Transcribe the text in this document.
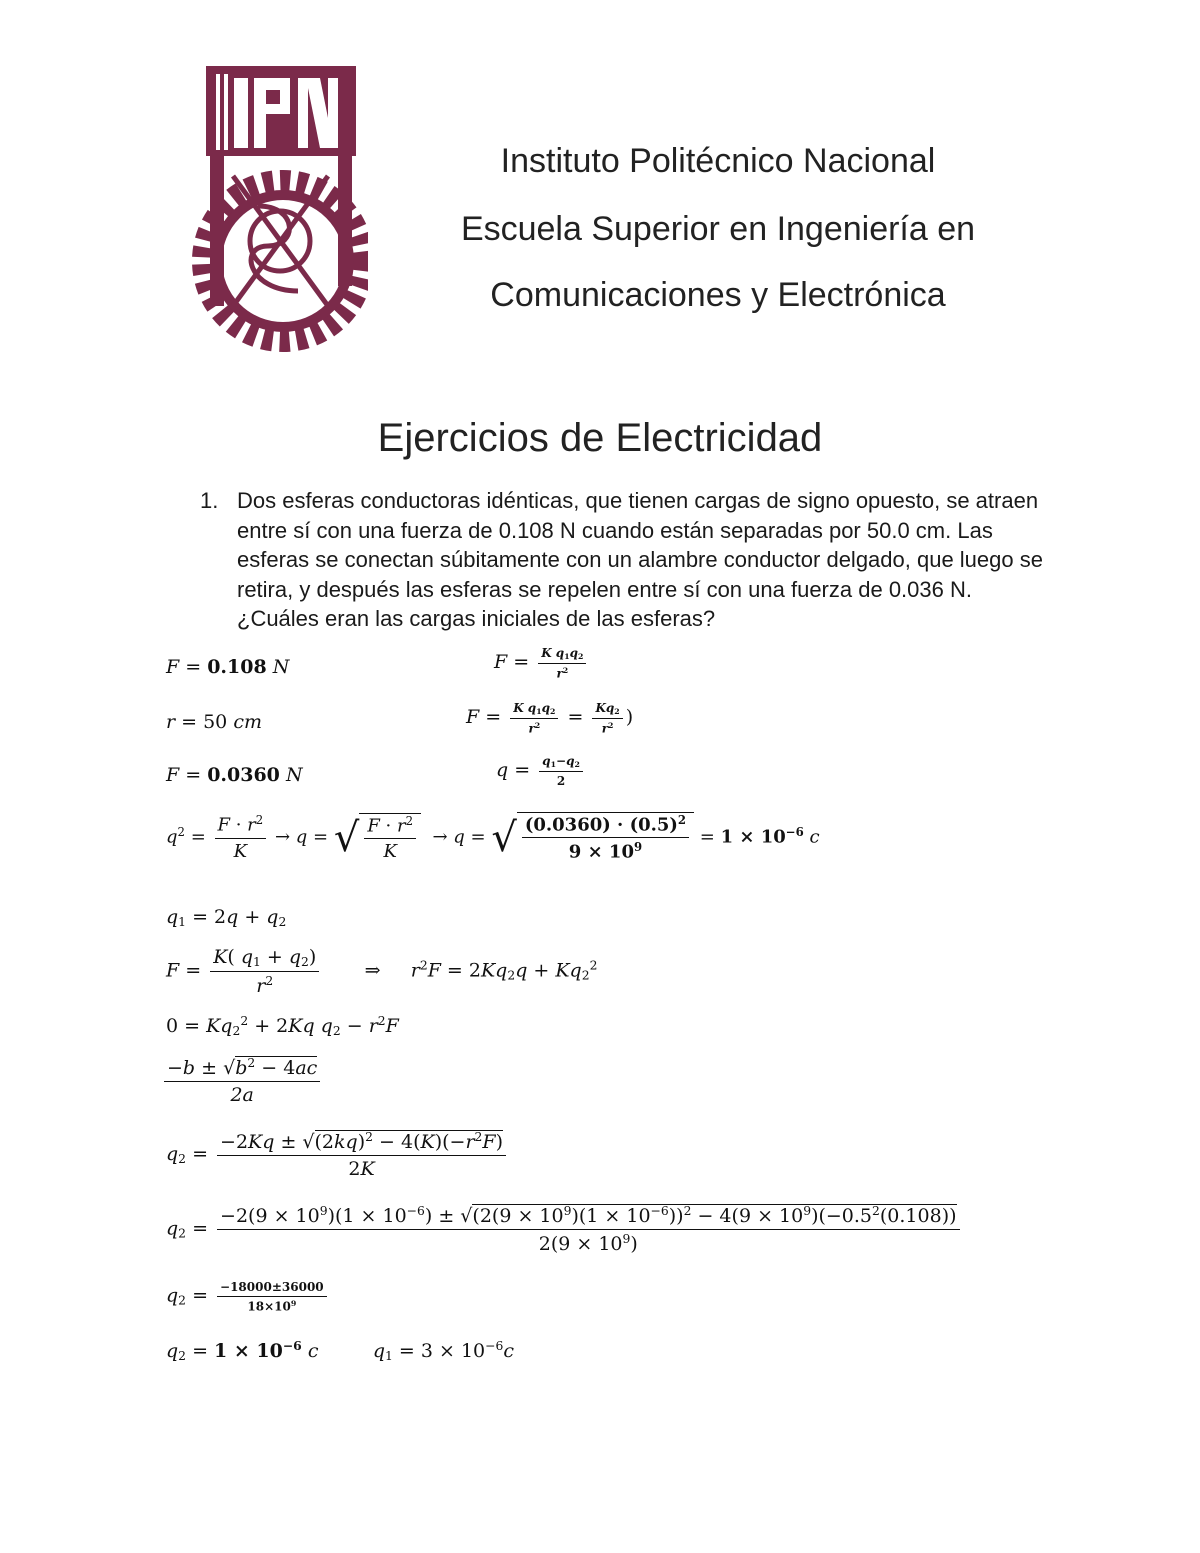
Instituto Politécnico Nacional
Escuela Superior en Ingeniería en
Comunicaciones y Electrónica
Ejercicios de Electricidad
1. Dos esferas conductoras idénticas, que tienen cargas de signo opuesto, se atraen entre sí con una fuerza de 0.108 N cuando están separadas por 50.0 cm. Las esferas se conectan súbitamente con un alambre conductor delgado, que luego se retira, y después las esferas se repelen entre sí con una fuerza de 0.036 N. ¿Cuáles eran las cargas iniciales de las esferas?
F = 0.108 N
r = 50 cm
F = 0.0360 N
$F = \frac{K q_1q_2}{r^2}$
$F = \frac{K q_1q_2}{r^2} = \frac{Kq_2}{r^2}$ )
$q = \frac{q_1-q_2}{2}$
$q^2 = \frac{F \cdot r^2}{K} \to q$ = √ $\frac{F \cdot r^2}{K} \to q$ = √ $\frac{(0.0360) \cdot (0.5)^2}{9 \times 10^9} = 1 \times 10^{-6}$ c
$q_1 = 2q + q_2$
$F = \frac{K( q_1 + q_2)}{r^2}$ ⇒     $r^2F = 2Kq_2q + Kq_2^2$
$0 = Kq_2^2 + 2Kq$ $q_2 - r^2F$
$\frac{-b \pm √b^2 - 4ac}{2a}$
$q_2 = \frac{-2Kq \pm √(2kq)^2 - 4(K)(-r^2F)}{2K}$
$q_2$ =
$-2(9 \times 10^9)(1 \times 10^{-6}) \pm √(2(9 \times 10^9)(1 \times 10^{-6}))^2 - 4(9 \times 10^9)(-0.5^2(0.108))$
$2(9 \times 10^9)$
$q_2 = \frac{-18000\pm 36000}{18\times 10^9}$
$q_2 = 1 \times 10^{-6}$ c	$q_1 = 3 \times 10^{-6}c$
